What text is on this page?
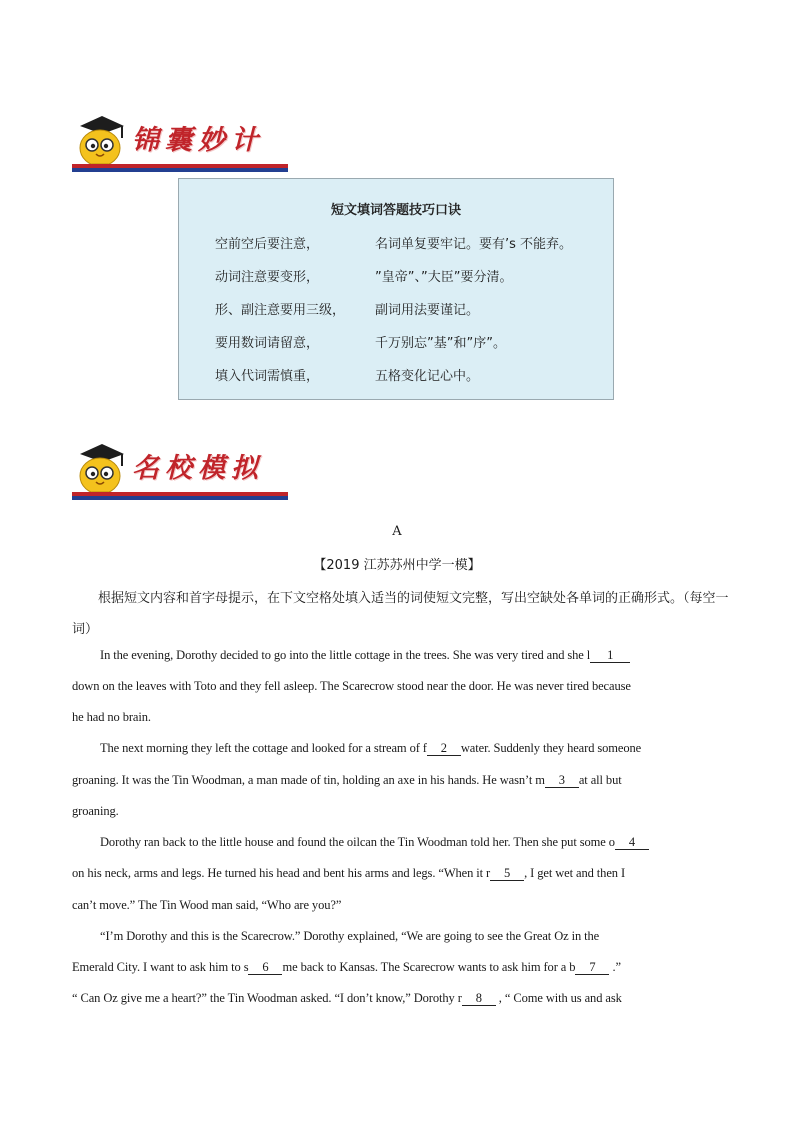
锦囊妙计
短文填词答题技巧口诀
空前空后要注意，	名词单复要牢记。要有’s 不能弃。
动词注意要变形，	”皇帝”、”大臣”要分清。
形、副注意要用三级， 副词用法要谨记。
要用数词请留意，	千万别忘”基”和”序”。
填入代词需慎重，	五格变化记心中。
名校模拟
A
【2019 江苏苏州中学一模】
根据短文内容和首字母提示，在下文空格处填入适当的词使短文完整，写出空缺处各单词的正确形式。（每空一词）
In the evening, Dorothy decided to go into the little cottage in the trees. She was very tired and she l 1
down on the leaves with Toto and they fell asleep. The Scarecrow stood near the door. He was never tired because
he had no brain.
The next morning they left the cottage and looked for a stream of f 2 water. Suddenly they heard someone
groaning. It was the Tin Woodman, a man made of tin, holding an axe in his hands. He wasn’t m 3 at all but
groaning.
Dorothy ran back to the little house and found the oilcan the Tin Woodman told her. Then she put some o 4
on his neck, arms and legs. He turned his head and bent his arms and legs. “When it r 5 , I get wet and then I
can’t move.” The Tin Wood man said, “Who are you?”
“I’m Dorothy and this is the Scarecrow.” Dorothy explained, “We are going to see the Great Oz in the
Emerald City. I want to ask him to s 6 me back to Kansas. The Scarecrow wants to ask him for a b 7 .”
“ Can Oz give me a heart?” the Tin Woodman asked. “I don’t know,” Dorothy r 8 , “ Come with us and ask
